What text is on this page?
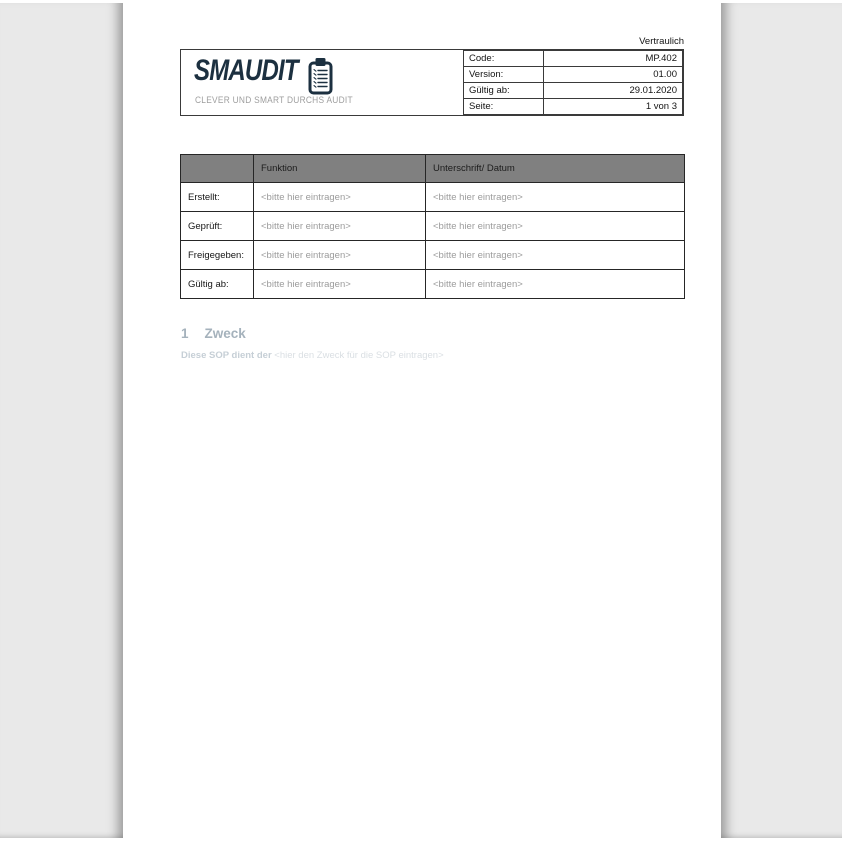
Vertraulich
SMAUDIT
CLEVER UND SMART DURCHS AUDIT
Code:	MP.402
Version:	01.00
Gültig ab:	29.01.2020
Seite:	1 von 3
	Funktion	Unterschrift/ Datum
Erstellt:	<bitte hier eintragen>	<bitte hier eintragen>
Geprüft:	<bitte hier eintragen>	<bitte hier eintragen>
Freigegeben:	<bitte hier eintragen>	<bitte hier eintragen>
Gültig ab:	<bitte hier eintragen>	<bitte hier eintragen>
1 Zweck
Diese SOP dient der <hier den Zweck für die SOP eintragen>
